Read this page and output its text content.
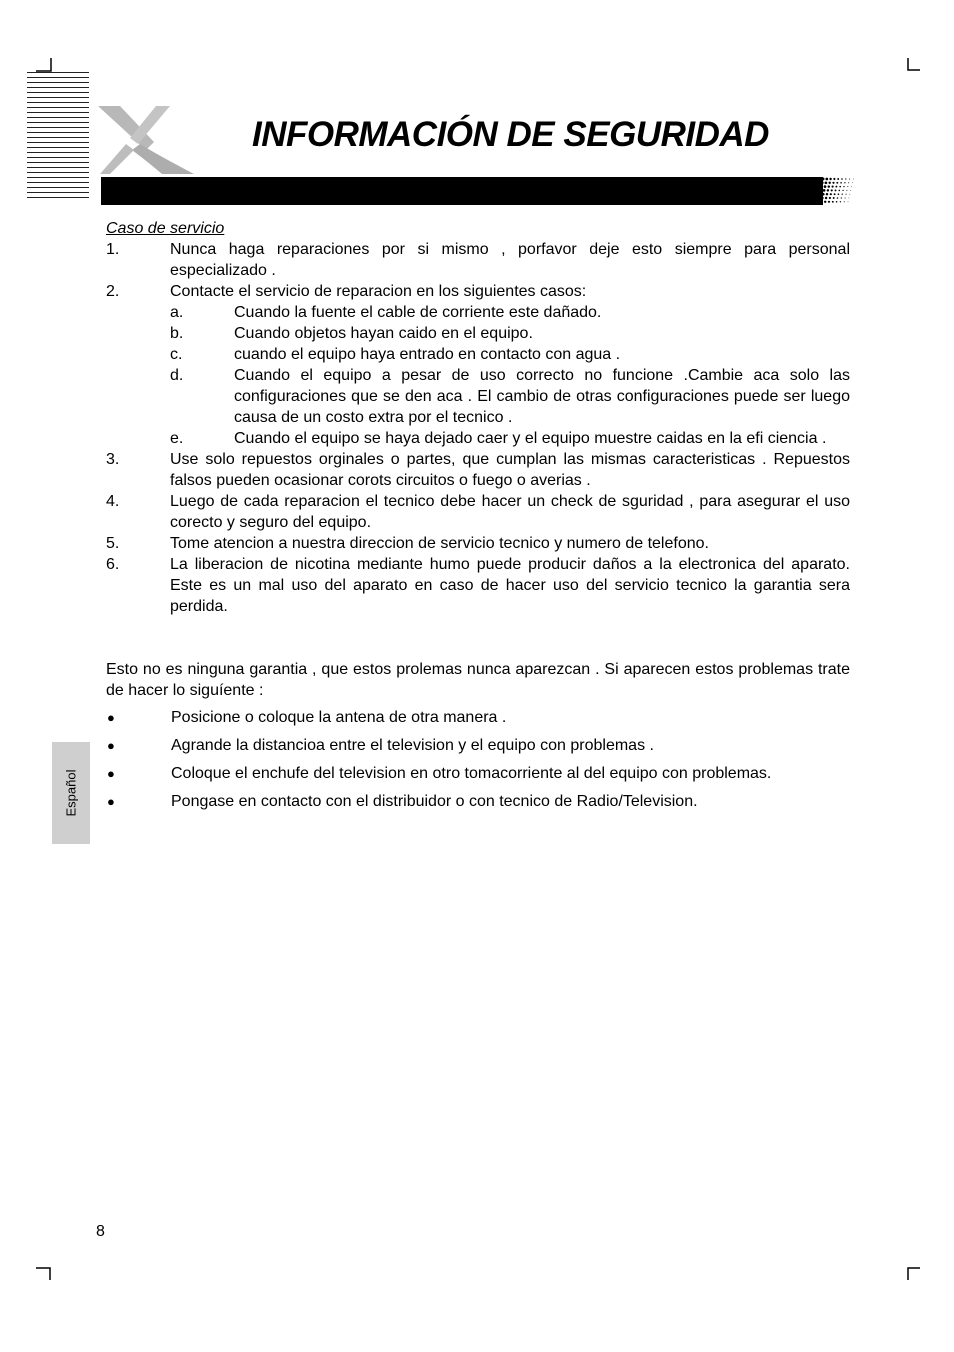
INFORMACIÓN DE SEGURIDAD
Español
Caso de servicio
1.	Nunca haga reparaciones por si mismo , porfavor deje esto siempre para personal especializado .
2.	Contacte el servicio de reparacion en los siguientes casos:
a.	Cuando la fuente el cable de corriente este dañado.
b.	Cuando objetos hayan caido en el equipo.
c.	cuando el equipo haya entrado en contacto con agua .
d.	Cuando el equipo a pesar de uso correcto no funcione .Cambie aca solo las configuraciones que se den aca . El cambio de otras configuraciones puede ser luego causa de un costo extra por el tecnico .
e.	Cuando el equipo se haya dejado caer y el equipo muestre caidas en la efi ciencia .
3.	Use solo repuestos orginales o partes, que cumplan las mismas caracteristicas . Repuestos falsos pueden ocasionar corots circuitos o fuego o averias .
4.	Luego de cada reparacion el tecnico debe hacer un check de sguridad , para asegurar el uso corecto y seguro del equipo.
5.	Tome atencion a nuestra direccion de servicio tecnico y numero de telefono.
6.	La liberacion de nicotina mediante humo puede producir daños a la electronica del aparato. Este es un mal uso del aparato en caso de hacer uso del servicio tecnico la garantia sera perdida.
Esto no es ninguna garantia , que estos prolemas nunca aparezcan . Si aparecen estos problemas trate de hacer lo siguíente :
●	Posicione o coloque la antena de otra manera .
●	Agrande la distancioa entre el television y el equipo con problemas .
●	Coloque el enchufe del television en otro tomacorriente al del equipo con problemas.
●	Pongase en contacto con el distribuidor o con tecnico de Radio/Television.
8
